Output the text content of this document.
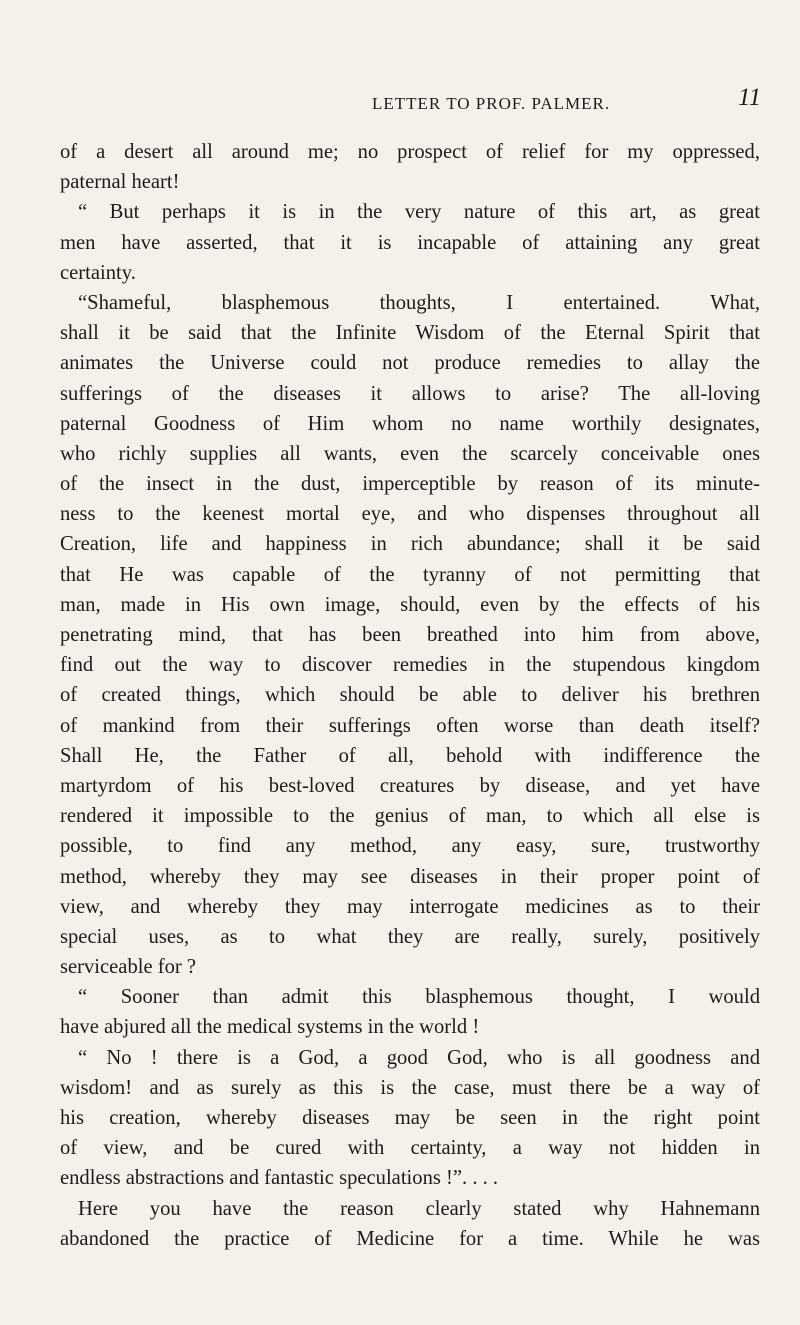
LETTER TO PROF. PALMER.	11
of a desert all around me; no prospect of relief for my oppressed,
paternal heart!
“ But perhaps it is in the very nature of this art, as great
men have asserted, that it is incapable of attaining any great
certainty.
“Shameful, blasphemous thoughts, I entertained. What,
shall it be said that the Infinite Wisdom of the Eternal Spirit that
animates the Universe could not produce remedies to allay the
sufferings of the diseases it allows to arise? The all-loving
paternal Goodness of Him whom no name worthily designates,
who richly supplies all wants, even the scarcely conceivable ones
of the insect in the dust, imperceptible by reason of its minute-
ness to the keenest mortal eye, and who dispenses throughout all
Creation, life and happiness in rich abundance; shall it be said
that He was capable of the tyranny of not permitting that
man, made in His own image, should, even by the effects of his
penetrating mind, that has been breathed into him from above,
find out the way to discover remedies in the stupendous kingdom
of created things, which should be able to deliver his brethren
of mankind from their sufferings often worse than death itself?
Shall He, the Father of all, behold with indifference the
martyrdom of his best-loved creatures by disease, and yet have
rendered it impossible to the genius of man, to which all else is
possible, to find any method, any easy, sure, trustworthy
method, whereby they may see diseases in their proper point of
view, and whereby they may interrogate medicines as to their
special uses, as to what they are really, surely, positively
serviceable for ?
“ Sooner than admit this blasphemous thought, I would
have abjured all the medical systems in the world !
“ No ! there is a God, a good God, who is all goodness and
wisdom! and as surely as this is the case, must there be a way of
his creation, whereby diseases may be seen in the right point
of view, and be cured with certainty, a way not hidden in
endless abstractions and fantastic speculations !”. . . .
Here you have the reason clearly stated why Hahnemann
abandoned the practice of Medicine for a time. While he was
